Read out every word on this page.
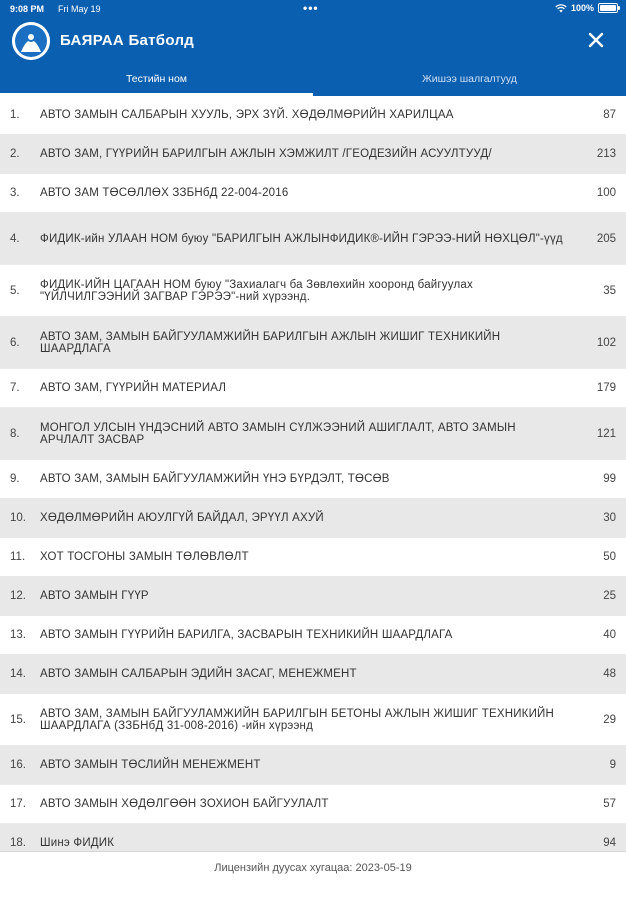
9:08 PM Fri May 19	•••	100%
БАЯРАА Батболд
Тестийн ном	Жишээ шалгалтууд
1.	АВТО ЗАМЫН САЛБАРЫН ХУУЛЬ, ЭРХ ЗҮЙ. ХӨДӨЛМӨРИЙН ХАРИЛЦАА	87
2.	АВТО ЗАМ, ГҮҮРИЙН БАРИЛГЫН АЖЛЫН ХЭМЖИЛТ /ГЕОДЕЗИЙН АСУУЛТУУД/	213
3.	АВТО ЗАМ ТӨСӨЛЛӨХ ЗЗБНбД 22-004-2016	100
4.	ФИДИК-ийн УЛААН НОМ буюу "БАРИЛГЫН АЖЛЫНФИДИК®-ИЙН ГЭРЭЭ-НИЙ НӨХЦӨЛ"-үүд	205
5.	ФИДИК-ИЙН ЦАГААН НОМ буюу "Захиалагч ба Зөвлөхийн хооронд байгуулах "ҮЙЛЧИЛГЭЭНИЙ ЗАГВАР ГЭРЭЭ"-ний хүрээнд.	35
6.	АВТО ЗАМ, ЗАМЫН БАЙГУУЛАМЖИЙН БАРИЛГЫН АЖЛЫН ЖИШИГ ТЕХНИКИЙН ШААРДЛАГА	102
7.	АВТО ЗАМ, ГҮҮРИЙН МАТЕРИАЛ	179
8.	МОНГОЛ УЛСЫН ҮНДЭСНИЙ АВТО ЗАМЫН СҮЛЖЭЭНИЙ АШИГЛАЛТ, АВТО ЗАМЫН АРЧЛАЛТ ЗАСВАР	121
9.	АВТО ЗАМ, ЗАМЫН БАЙГУУЛАМЖИЙН ҮНЭ БҮРДЭЛТ, ТӨСӨВ	99
10.	ХӨДӨЛМӨРИЙН АЮУЛГҮЙ БАЙДАЛ, ЭРҮҮЛ АХУЙ	30
11.	ХОТ ТОСГОНЫ ЗАМЫН ТӨЛӨВЛӨЛТ	50
12.	АВТО ЗАМЫН ГҮҮР	25
13.	АВТО ЗАМЫН ГҮҮРИЙН БАРИЛГА, ЗАСВАРЫН ТЕХНИКИЙН ШААРДЛАГА	40
14.	АВТО ЗАМЫН САЛБАРЫН ЭДИЙН ЗАСАГ, МЕНЕЖМЕНТ	48
15.	АВТО ЗАМ, ЗАМЫН БАЙГУУЛАМЖИЙН БАРИЛГЫН БЕТОНЫ АЖЛЫН ЖИШИГ ТЕХНИКИЙН ШААРДЛАГА (ЗЗБНбД 31-008-2016) -ийн хүрээнд	29
16.	АВТО ЗАМЫН ТӨСЛИЙН МЕНЕЖМЕНТ	9
17.	АВТО ЗАМЫН ХӨДӨЛГӨӨН ЗОХИОН БАЙГУУЛАЛТ	57
18.	Шинэ ФИДИК	94
Лицензийн дуусах хугацаа: 2023-05-19
